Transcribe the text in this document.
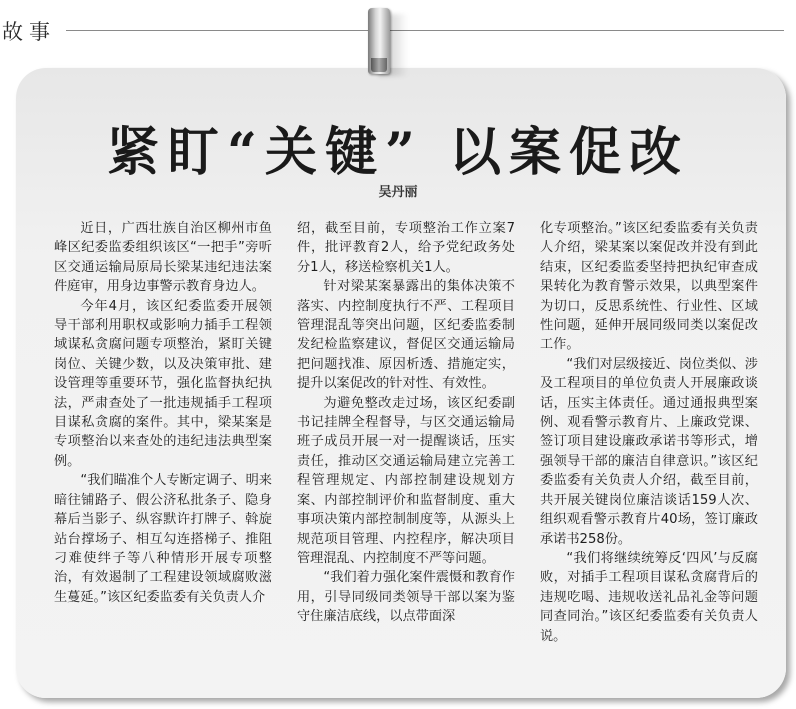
故事
紧盯“关键” 以案促改
吴丹丽

近日，广西壮族自治区柳州市鱼峰区纪委监委组织该区“一把手”旁听区交通运输局原局长梁某违纪违法案件庭审，用身边事警示教育身边人。

今年4月，该区纪委监委开展领导干部利用职权或影响力插手工程领域谋私贪腐问题专项整治，紧盯关键岗位、关键少数，以及决策审批、建设管理等重要环节，强化监督执纪执法，严肃查处了一批违规插手工程项目谋私贪腐的案件。其中，梁某案是专项整治以来查处的违纪违法典型案例。

“我们瞄准个人专断定调子、明来暗往铺路子、假公济私批条子、隐身幕后当影子、纵容默许打牌子、斡旋站台撑场子、相互勾连搭梯子、推阻刁难使绊子等八种情形开展专项整治，有效遏制了工程建设领域腐败滋生蔓延。”该区纪委监委有关负责人介

绍，截至目前，专项整治工作立案7件，批评教育2人，给予党纪政务处分1人，移送检察机关1人。

针对梁某案暴露出的集体决策不落实、内控制度执行不严、工程项目管理混乱等突出问题，区纪委监委制发纪检监察建议，督促区交通运输局把问题找准、原因析透、措施定实，提升以案促改的针对性、有效性。

为避免整改走过场，该区纪委副书记挂牌全程督导，与区交通运输局班子成员开展一对一提醒谈话，压实责任，推动区交通运输局建立完善工程管理规定、内部控制建设规划方案、内部控制评价和监督制度、重大事项决策内部控制制度等，从源头上规范项目管理、内控程序，解决项目管理混乱、内控制度不严等问题。

“我们着力强化案件震慑和教育作用，引导同级同类领导干部以案为鉴守住廉洁底线，以点带面深

化专项整治。”该区纪委监委有关负责人介绍，梁某案以案促改并没有到此结束，区纪委监委坚持把执纪审查成果转化为教育警示效果，以典型案件为切口，反思系统性、行业性、区域性问题，延伸开展同级同类以案促改工作。

“我们对层级接近、岗位类似、涉及工程项目的单位负责人开展廉政谈话，压实主体责任。通过通报典型案例、观看警示教育片、上廉政党课、签订项目建设廉政承诺书等形式，增强领导干部的廉洁自律意识。”该区纪委监委有关负责人介绍，截至目前，共开展关键岗位廉洁谈话159人次、组织观看警示教育片40场，签订廉政承诺书258份。

“我们将继续统筹反‘四风’与反腐败，对插手工程项目谋私贪腐背后的违规吃喝、违规收送礼品礼金等问题同查同治。”该区纪委监委有关负责人说。
